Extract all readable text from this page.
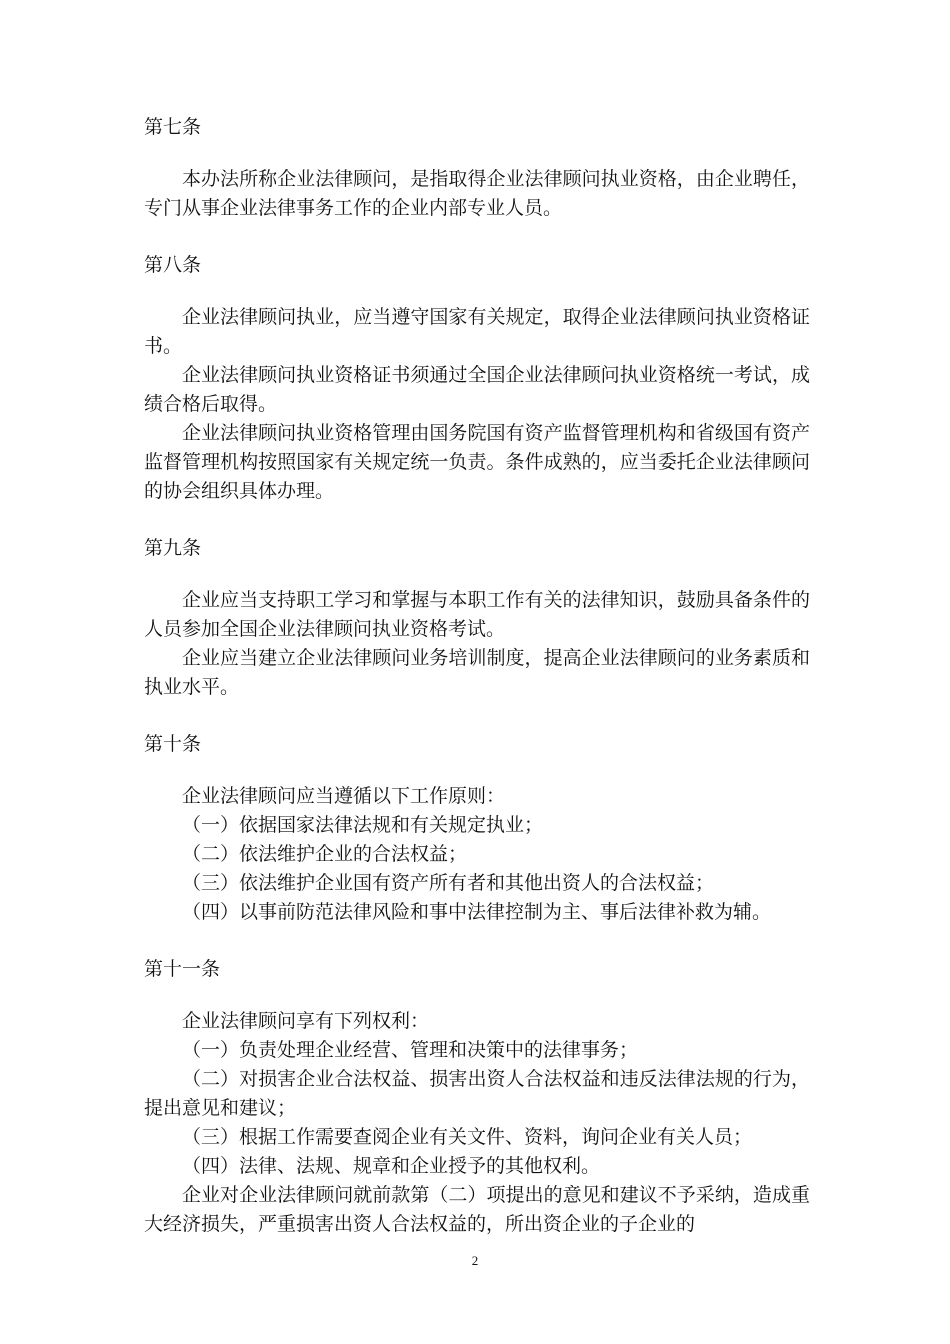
第七条

本办法所称企业法律顾问，是指取得企业法律顾问执业资格，由企业聘任，专门从事企业法律事务工作的企业内部专业人员。

第八条

企业法律顾问执业，应当遵守国家有关规定，取得企业法律顾问执业资格证书。

企业法律顾问执业资格证书须通过全国企业法律顾问执业资格统一考试，成绩合格后取得。

企业法律顾问执业资格管理由国务院国有资产监督管理机构和省级国有资产监督管理机构按照国家有关规定统一负责。条件成熟的，应当委托企业法律顾问的协会组织具体办理。

第九条

企业应当支持职工学习和掌握与本职工作有关的法律知识，鼓励具备条件的人员参加全国企业法律顾问执业资格考试。

企业应当建立企业法律顾问业务培训制度，提高企业法律顾问的业务素质和执业水平。

第十条

企业法律顾问应当遵循以下工作原则：

（一）依据国家法律法规和有关规定执业；

（二）依法维护企业的合法权益；

（三）依法维护企业国有资产所有者和其他出资人的合法权益；

（四）以事前防范法律风险和事中法律控制为主、事后法律补救为辅。

第十一条

企业法律顾问享有下列权利：

（一）负责处理企业经营、管理和决策中的法律事务；

（二）对损害企业合法权益、损害出资人合法权益和违反法律法规的行为，提出意见和建议；

（三）根据工作需要查阅企业有关文件、资料，询问企业有关人员；

（四）法律、法规、规章和企业授予的其他权利。

企业对企业法律顾问就前款第（二）项提出的意见和建议不予采纳，造成重大经济损失，严重损害出资人合法权益的，所出资企业的子企业的

2
